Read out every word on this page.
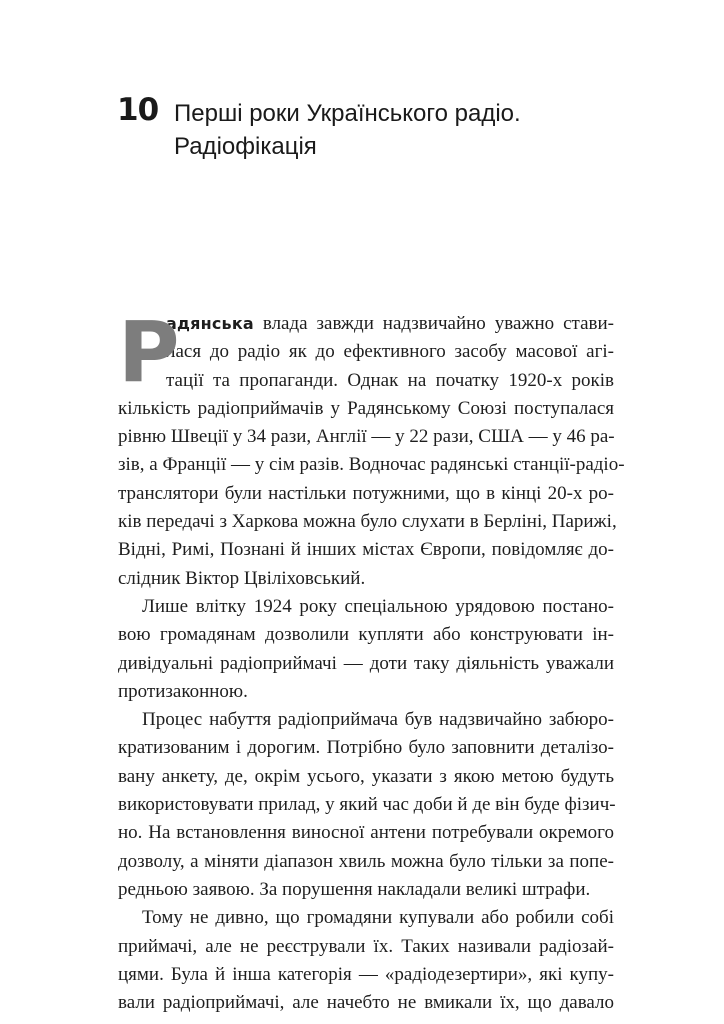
10 Перші роки Українського радіо.
Радіофікація
Р
адянська влада завжди надзвичайно уважно стави-
лася до радіо як до ефективного засобу масової агі-
тації та пропаганди. Однак на початку 1920-х років
кількість радіоприймачів у Радянському Союзі поступалася
рівню Швеції у 34 рази, Англії — у 22 рази, США — у 46 ра-
зів, а Франції — у сім разів. Водночас радянські станції-радіо-
транслятори були настільки потужними, що в кінці 20-х ро-
ків передачі з Харкова можна було слухати в Берліні, Парижі,
Відні, Римі, Познані й інших містах Європи, повідомляє до-
слідник Віктор Цвіліховський.
Лише влітку 1924 року спеціальною урядовою постано-
вою громадянам дозволили купляти або конструювати ін-
дивідуальні радіоприймачі — доти таку діяльність уважали
протизаконною.
Процес набуття радіоприймача був надзвичайно забюро-
кратизованим і дорогим. Потрібно було заповнити деталізо-
вану анкету, де, окрім усього, указати з якою метою будуть
використовувати прилад, у який час доби й де він буде фізич-
но. На встановлення виносної антени потребували окремого
дозволу, а міняти діапазон хвиль можна було тільки за попе-
редньою заявою. За порушення накладали великі штрафи.
Тому не дивно, що громадяни купували або робили собі
приймачі, але не реєстрували їх. Таких називали радіозай-
цями. Була й інша категорія — «радіодезертири», які купу-
вали радіоприймачі, але начебто не вмикали їх, що давало
